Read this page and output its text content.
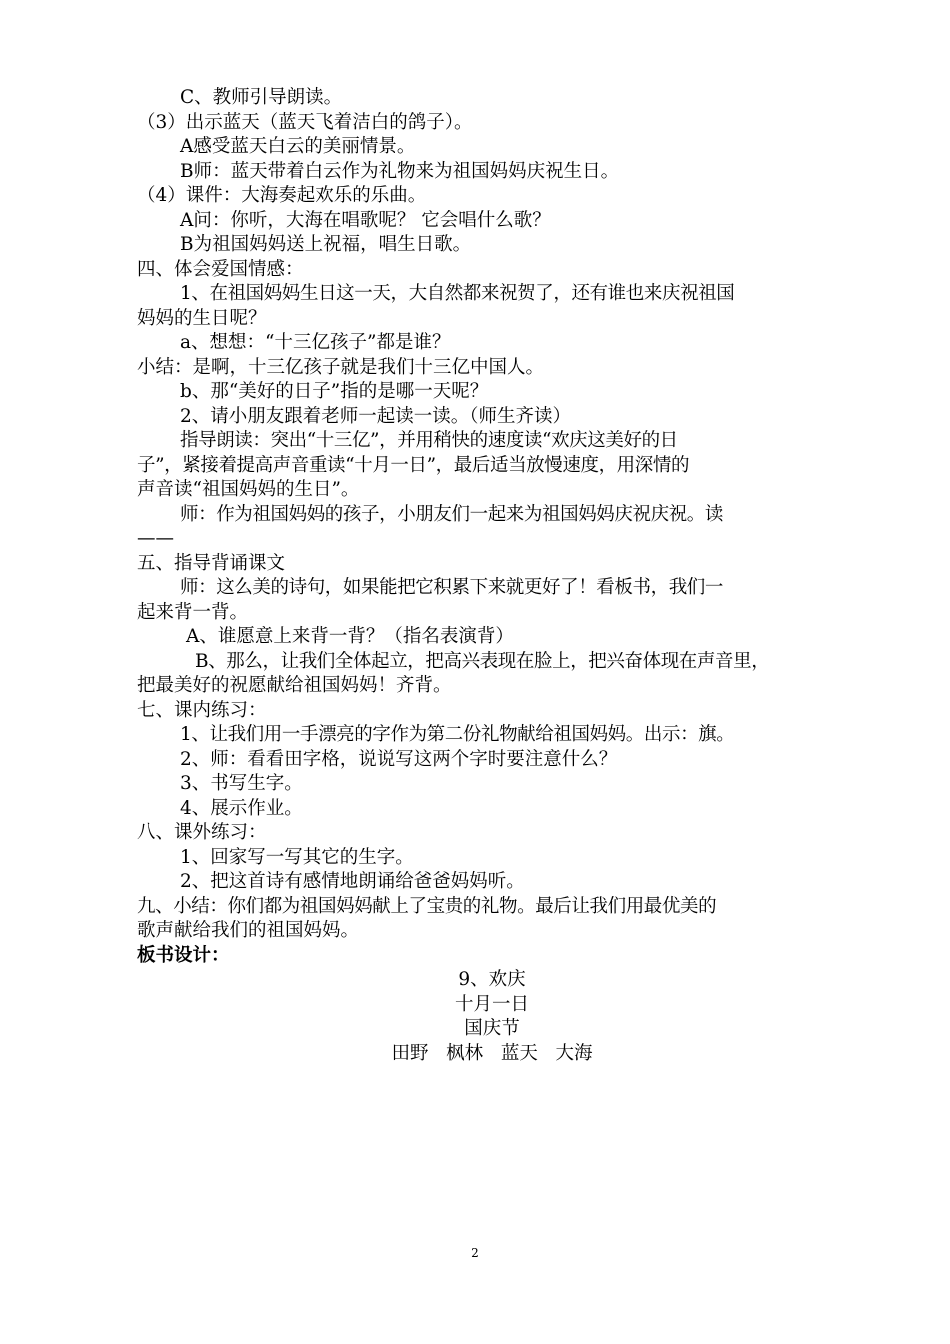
C、教师引导朗读。
（3）出示蓝天（蓝天飞着洁白的鸽子）。
A感受蓝天白云的美丽情景。
B师：蓝天带着白云作为礼物来为祖国妈妈庆祝生日。
（4）课件：大海奏起欢乐的乐曲。
A问：你听，大海在唱歌呢？ 它会唱什么歌？
B为祖国妈妈送上祝福，唱生日歌。
四、体会爱国情感：
1、在祖国妈妈生日这一天，大自然都来祝贺了，还有谁也来庆祝祖国
妈妈的生日呢？
a、想想：“十三亿孩子”都是谁？
小结：是啊，十三亿孩子就是我们十三亿中国人。
b、那“美好的日子”指的是哪一天呢？
2、请小朋友跟着老师一起读一读。（师生齐读）
指导朗读：突出“十三亿”，并用稍快的速度读“欢庆这美好的日
子”，紧接着提高声音重读“十月一日”，最后适当放慢速度，用深情的
声音读“祖国妈妈的生日”。
师：作为祖国妈妈的孩子，小朋友们一起来为祖国妈妈庆祝庆祝。读
——
五、指导背诵课文
师：这么美的诗句，如果能把它积累下来就更好了！看板书，我们一
起来背一背。
A、谁愿意上来背一背？（指名表演背）
B、那么，让我们全体起立，把高兴表现在脸上，把兴奋体现在声音里，
把最美好的祝愿献给祖国妈妈！齐背。
七、课内练习：
1、让我们用一手漂亮的字作为第二份礼物献给祖国妈妈。出示：旗。
2、师：看看田字格，说说写这两个字时要注意什么？
3、书写生字。
4、展示作业。
八、课外练习：
1、回家写一写其它的生字。
2、把这首诗有感情地朗诵给爸爸妈妈听。
九、小结：你们都为祖国妈妈献上了宝贵的礼物。最后让我们用最优美的
歌声献给我们的祖国妈妈。
板书设计：
9、欢庆
十月一日
国庆节
田野   枫林   蓝天   大海
2
